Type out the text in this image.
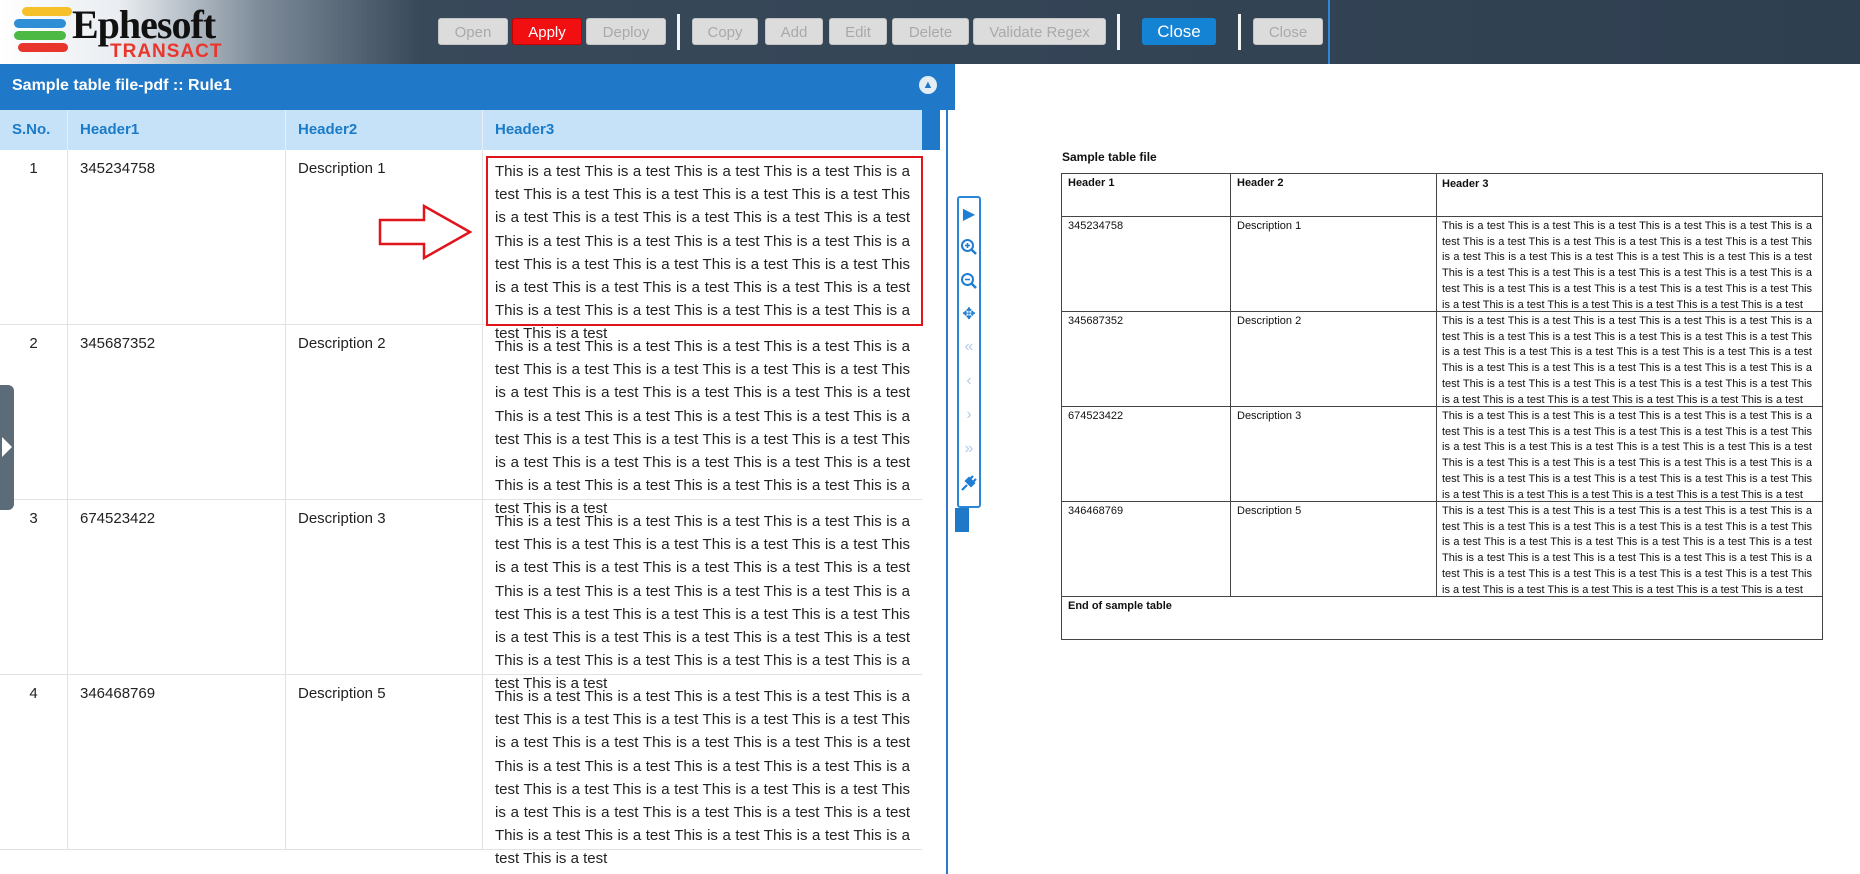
Ephesoft
TRANSACT
Open	Apply	Deploy	Copy	Add	Edit	Delete	Validate Regex	Close	Close
Sample table file-pdf :: Rule1	▲
S.No.	Header1	Header2	Header3
1	345234758	Description 1	This is a test This is a test This is a test This is a test This is a test This is a test This is a test This is a test This is a test This is a test This is a test This is a test This is a test This is a test This is a test This is a test This is a test This is a test This is a test This is a test This is a test This is a test This is a test This is a test This is a test This is a test This is a test This is a test This is a test This is a test This is a test This is a test This is a test This is a test
2	345687352	Description 2	This is a test This is a test This is a test This is a test This is a test This is a test This is a test This is a test This is a test This is a test This is a test This is a test This is a test This is a test This is a test This is a test This is a test This is a test This is a test This is a test This is a test This is a test This is a test This is a test This is a test This is a test This is a test This is a test This is a test This is a test This is a test This is a test This is a test This is a test
3	674523422	Description 3	This is a test This is a test This is a test This is a test This is a test This is a test This is a test This is a test This is a test This is a test This is a test This is a test This is a test This is a test This is a test This is a test This is a test This is a test This is a test This is a test This is a test This is a test This is a test This is a test This is a test This is a test This is a test This is a test This is a test This is a test This is a test This is a test This is a test This is a test
4	346468769	Description 5	This is a test This is a test This is a test This is a test This is a test This is a test This is a test This is a test This is a test This is a test This is a test This is a test This is a test This is a test This is a test This is a test This is a test This is a test This is a test This is a test This is a test This is a test This is a test This is a test This is a test This is a test This is a test This is a test This is a test This is a test This is a test This is a test This is a test This is a test
▶
✥
«
‹
›
»
Sample table file
Header 1	Header 2	Header 3
345234758	Description 1	This is a test This is a test This is a test This is a test This is a test This is a test This is a test This is a test This is a test This is a test This is a test This is a test This is a test This is a test This is a test This is a test This is a test This is a test This is a test This is a test This is a test This is a test This is a test This is a test This is a test This is a test This is a test This is a test This is a test This is a test This is a test This is a test This is a test This is a test
345687352	Description 2	This is a test This is a test This is a test This is a test This is a test This is a test This is a test This is a test This is a test This is a test This is a test This is a test This is a test This is a test This is a test This is a test This is a test This is a test This is a test This is a test This is a test This is a test This is a test This is a test This is a test This is a test This is a test This is a test This is a test This is a test This is a test This is a test This is a test This is a test
674523422	Description 3	This is a test This is a test This is a test This is a test This is a test This is a test This is a test This is a test This is a test This is a test This is a test This is a test This is a test This is a test This is a test This is a test This is a test This is a test This is a test This is a test This is a test This is a test This is a test This is a test This is a test This is a test This is a test This is a test This is a test This is a test This is a test This is a test This is a test This is a test
346468769	Description 5	This is a test This is a test This is a test This is a test This is a test This is a test This is a test This is a test This is a test This is a test This is a test This is a test This is a test This is a test This is a test This is a test This is a test This is a test This is a test This is a test This is a test This is a test This is a test This is a test This is a test This is a test This is a test This is a test This is a test This is a test This is a test This is a test This is a test This is a test
End of sample table
